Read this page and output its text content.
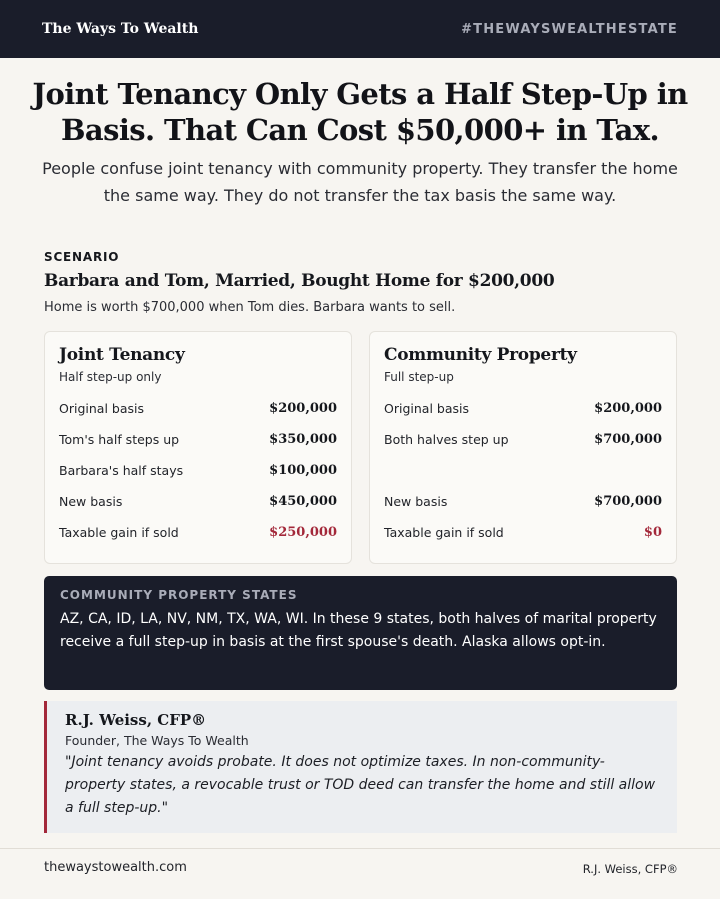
The Ways To Wealth	#THEWAYSWEALTHESTATE
Joint Tenancy Only Gets a Half Step-Up in Basis. That Can Cost $50,000+ in Tax.

People confuse joint tenancy with community property. They transfer the home the same way. They do not transfer the tax basis the same way.

SCENARIO
Barbara and Tom, Married, Bought Home for $200,000
Home is worth $700,000 when Tom dies. Barbara wants to sell.
Joint Tenancy
Half step-up only
Original basis	$200,000
Tom's half steps up	$350,000
Barbara's half stays	$100,000
New basis	$450,000
Taxable gain if sold	$250,000
Community Property
Full step-up
Original basis	$200,000
Both halves step up	$700,000
New basis	$700,000
Taxable gain if sold	$0
COMMUNITY PROPERTY STATES
AZ, CA, ID, LA, NV, NM, TX, WA, WI. In these 9 states, both halves of marital property receive a full step-up in basis at the first spouse's death. Alaska allows opt-in.
R.J. Weiss, CFP®
Founder, The Ways To Wealth
"Joint tenancy avoids probate. It does not optimize taxes. In non-community-property states, a revocable trust or TOD deed can transfer the home and still allow a full step-up."
thewaystowealth.com	R.J. Weiss, CFP®
